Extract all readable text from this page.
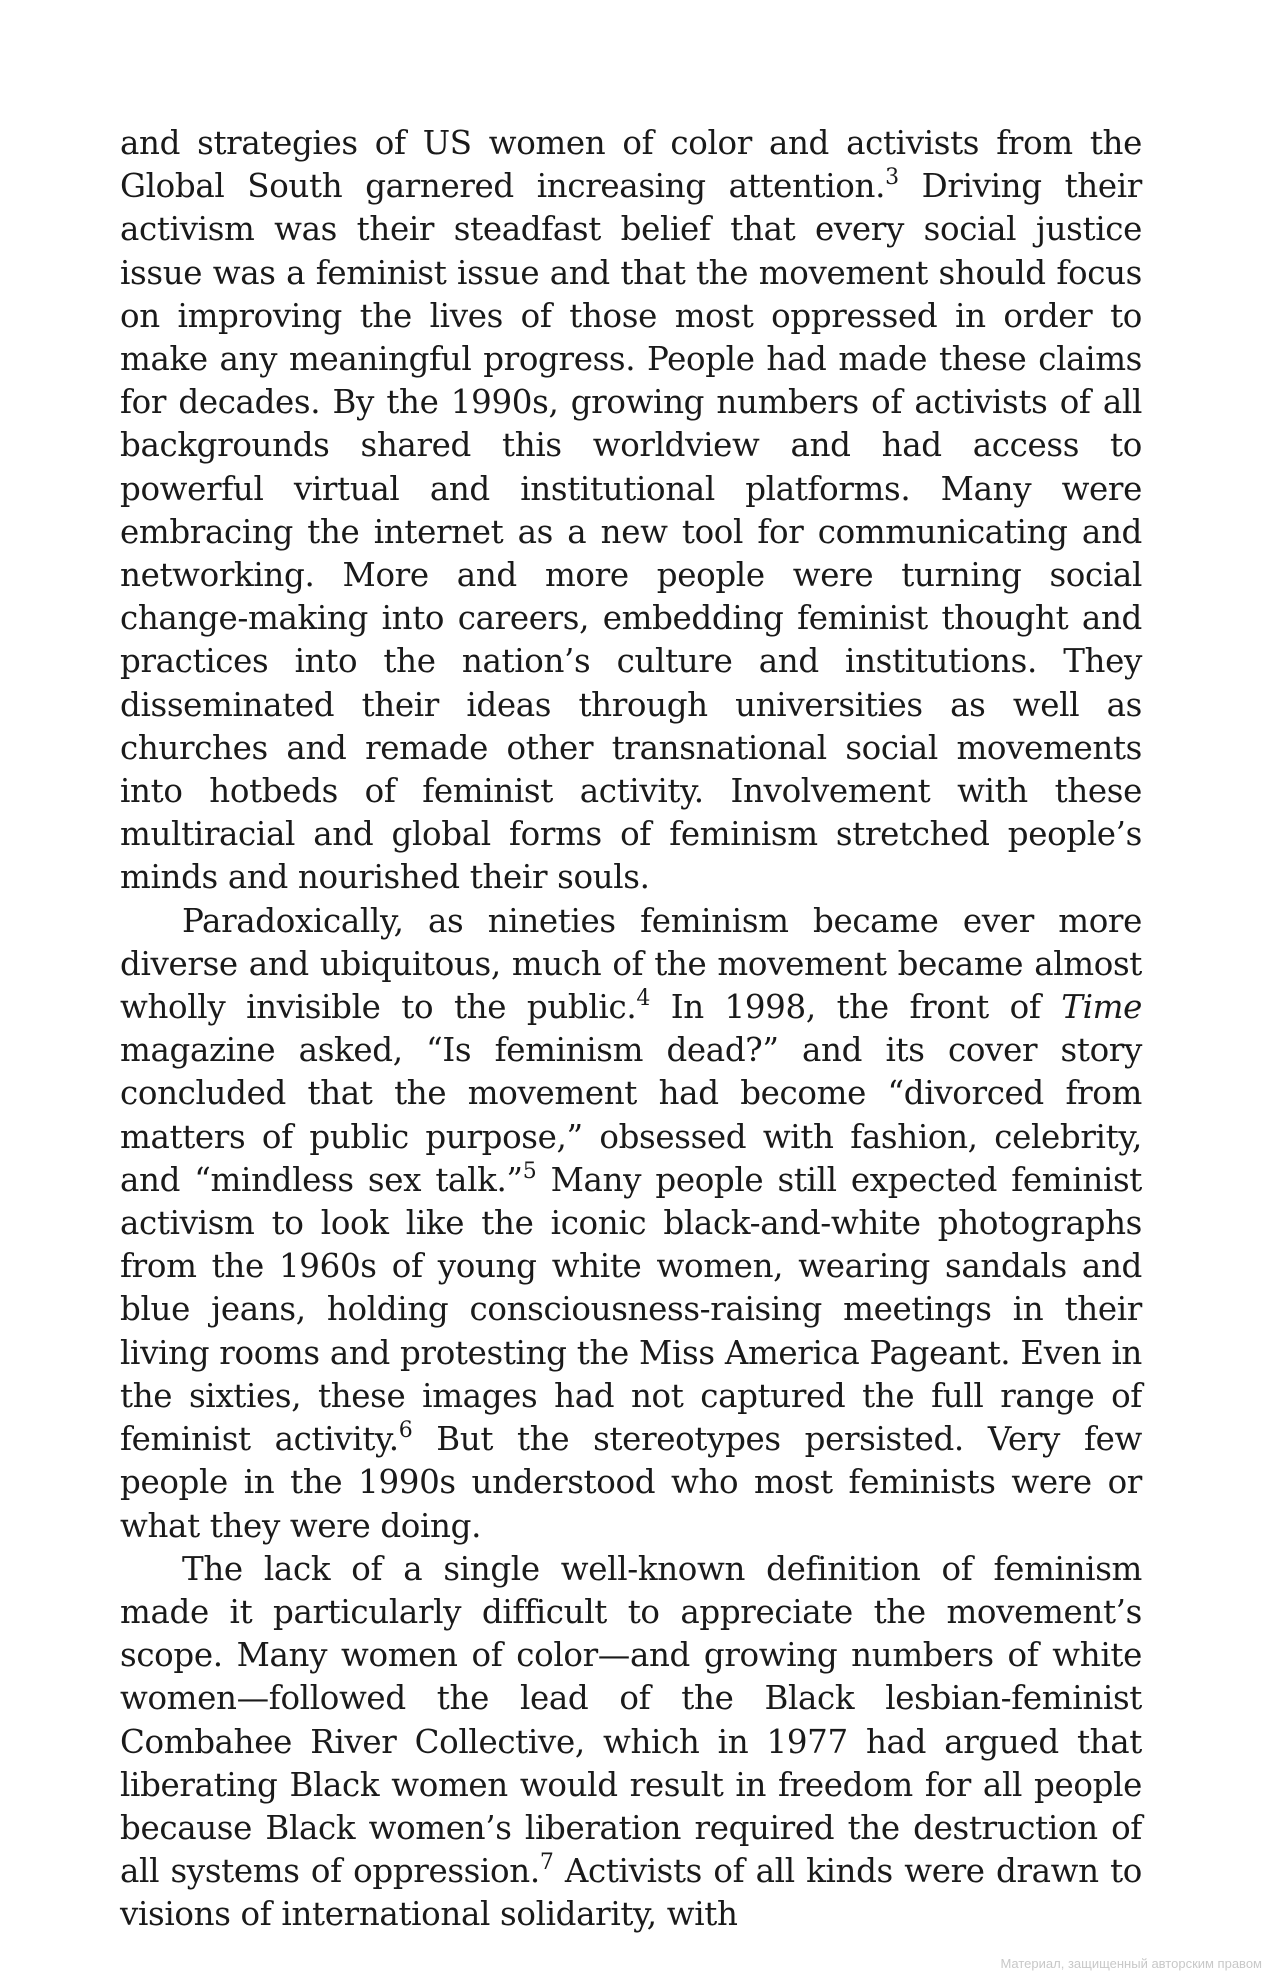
and strategies of US women of color and activists from the Global South garnered increasing attention.$^3$ Driving their activism was their steadfast belief that every social justice issue was a feminist issue and that the movement should focus on improving the lives of those most oppressed in order to make any meaningful progress. People had made these claims for decades. By the 1990s, growing numbers of activists of all backgrounds shared this worldview and had access to powerful virtual and institutional platforms. Many were embracing the internet as a new tool for communicating and networking. More and more people were turning social change-making into careers, embedding feminist thought and practices into the nation’s culture and institutions. They disseminated their ideas through universities as well as churches and remade other transnational social movements into hotbeds of feminist activity. Involvement with these multiracial and global forms of feminism stretched people’s minds and nourished their souls.

Paradoxically, as nineties feminism became ever more diverse and ubiquitous, much of the movement became almost wholly invisible to the public.$^4$ In 1998, the front of Time magazine asked, “Is feminism dead?” and its cover story concluded that the movement had become “divorced from matters of public purpose,” obsessed with fashion, celebrity, and “mindless sex talk.”$^5$ Many people still expected feminist activism to look like the iconic black-and-white photographs from the 1960s of young white women, wearing sandals and blue jeans, holding consciousness-raising meetings in their living rooms and protesting the Miss America Pageant. Even in the sixties, these images had not captured the full range of feminist activity.$^6$ But the stereotypes persisted. Very few people in the 1990s understood who most feminists were or what they were doing.

The lack of a single well-known definition of feminism made it particularly difficult to appreciate the movement’s scope. Many women of color—and growing numbers of white women—followed the lead of the Black lesbian-feminist Combahee River Collective, which in 1977 had argued that liberating Black women would result in freedom for all people because Black women’s liberation required the destruction of all systems of oppression.$^7$ Activists of all kinds were drawn to visions of international solidarity, with

Материал, защищенный авторским правом
